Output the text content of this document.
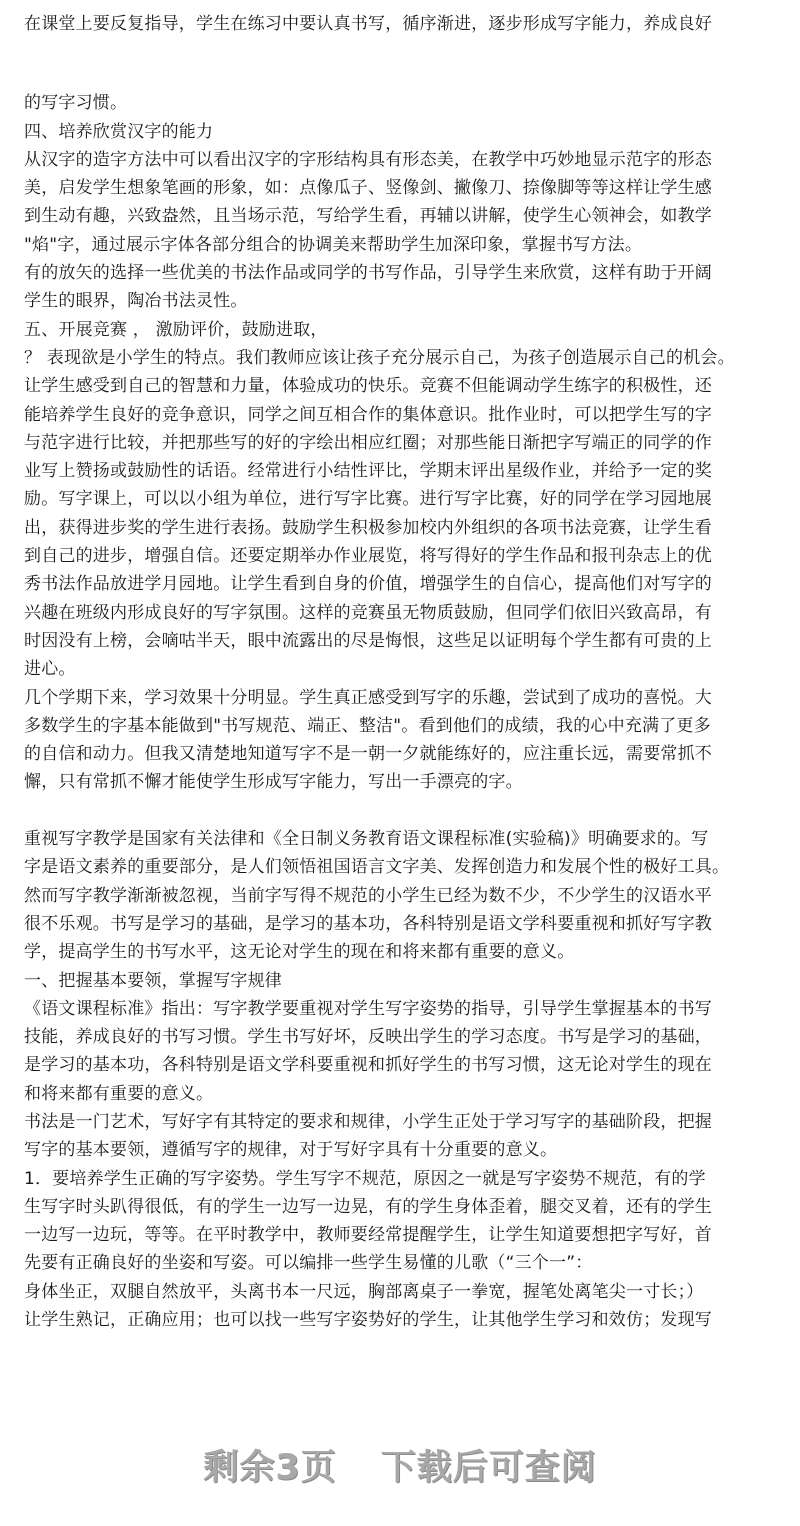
在课堂上要反复指导，学生在练习中要认真书写，循序渐进，逐步形成写字能力，养成良好
的写字习惯。
四、培养欣赏汉字的能力
从汉字的造字方法中可以看出汉字的字形结构具有形态美，在教学中巧妙地显示范字的形态
美，启发学生想象笔画的形象，如：点像瓜子、竖像剑、撇像刀、捺像脚等等这样让学生感
到生动有趣，兴致盎然，且当场示范，写给学生看，再辅以讲解，使学生心领神会，如教学
"焰"字，通过展示字体各部分组合的协调美来帮助学生加深印象，掌握书写方法。
有的放矢的选择一些优美的书法作品或同学的书写作品，引导学生来欣赏，这样有助于开阔
学生的眼界，陶冶书法灵性。
五、开展竞赛 ， 激励评价，鼓励进取，
？ 表现欲是小学生的特点。我们教师应该让孩子充分展示自己，为孩子创造展示自己的机会。
让学生感受到自己的智慧和力量，体验成功的快乐。竞赛不但能调动学生练字的积极性，还
能培养学生良好的竞争意识，同学之间互相合作的集体意识。批作业时，可以把学生写的字
与范字进行比较，并把那些写的好的字绘出相应红圈；对那些能日渐把字写端正的同学的作
业写上赞扬或鼓励性的话语。经常进行小结性评比，学期末评出星级作业，并给予一定的奖
励。写字课上，可以以小组为单位，进行写字比赛。进行写字比赛，好的同学在学习园地展
出，获得进步奖的学生进行表扬。鼓励学生积极参加校内外组织的各项书法竞赛，让学生看
到自己的进步，增强自信。还要定期举办作业展览，将写得好的学生作品和报刊杂志上的优
秀书法作品放进学月园地。让学生看到自身的价值，增强学生的自信心，提高他们对写字的
兴趣在班级内形成良好的写字氛围。这样的竞赛虽无物质鼓励，但同学们依旧兴致高昂，有
时因没有上榜，会嘀咕半天，眼中流露出的尽是悔恨，这些足以证明每个学生都有可贵的上
进心。
几个学期下来，学习效果十分明显。学生真正感受到写字的乐趣，尝试到了成功的喜悦。大
多数学生的字基本能做到"书写规范、端正、整洁"。看到他们的成绩，我的心中充满了更多
的自信和动力。但我又清楚地知道写字不是一朝一夕就能练好的，应注重长远，需要常抓不
懈，只有常抓不懈才能使学生形成写字能力，写出一手漂亮的字。
重视写字教学是国家有关法律和《全日制义务教育语文课程标准(实验稿)》明确要求的。写
字是语文素养的重要部分，是人们领悟祖国语言文字美、发挥创造力和发展个性的极好工具。
然而写字教学渐渐被忽视，当前字写得不规范的小学生已经为数不少，不少学生的汉语水平
很不乐观。书写是学习的基础，是学习的基本功，各科特别是语文学科要重视和抓好写字教
学，提高学生的书写水平，这无论对学生的现在和将来都有重要的意义。
一、把握基本要领，掌握写字规律
《语文课程标准》指出：写字教学要重视对学生写字姿势的指导，引导学生掌握基本的书写
技能，养成良好的书写习惯。学生书写好坏，反映出学生的学习态度。书写是学习的基础，
是学习的基本功，各科特别是语文学科要重视和抓好学生的书写习惯，这无论对学生的现在
和将来都有重要的意义。
书法是一门艺术，写好字有其特定的要求和规律，小学生正处于学习写字的基础阶段，把握
写字的基本要领，遵循写字的规律，对于写好字具有十分重要的意义。
1．要培养学生正确的写字姿势。学生写字不规范，原因之一就是写字姿势不规范，有的学
生写字时头趴得很低，有的学生一边写一边晃，有的学生身体歪着，腿交叉着，还有的学生
一边写一边玩，等等。在平时教学中，教师要经常提醒学生，让学生知道要想把字写好，首
先要有正确良好的坐姿和写姿。可以编排一些学生易懂的儿歌（“三个一”：
身体坐正，双腿自然放平，头离书本一尺远，胸部离桌子一拳宽，握笔处离笔尖一寸长；）
让学生熟记，正确应用；也可以找一些写字姿势好的学生，让其他学生学习和效仿；发现写
剩余3页 下载后可查阅
